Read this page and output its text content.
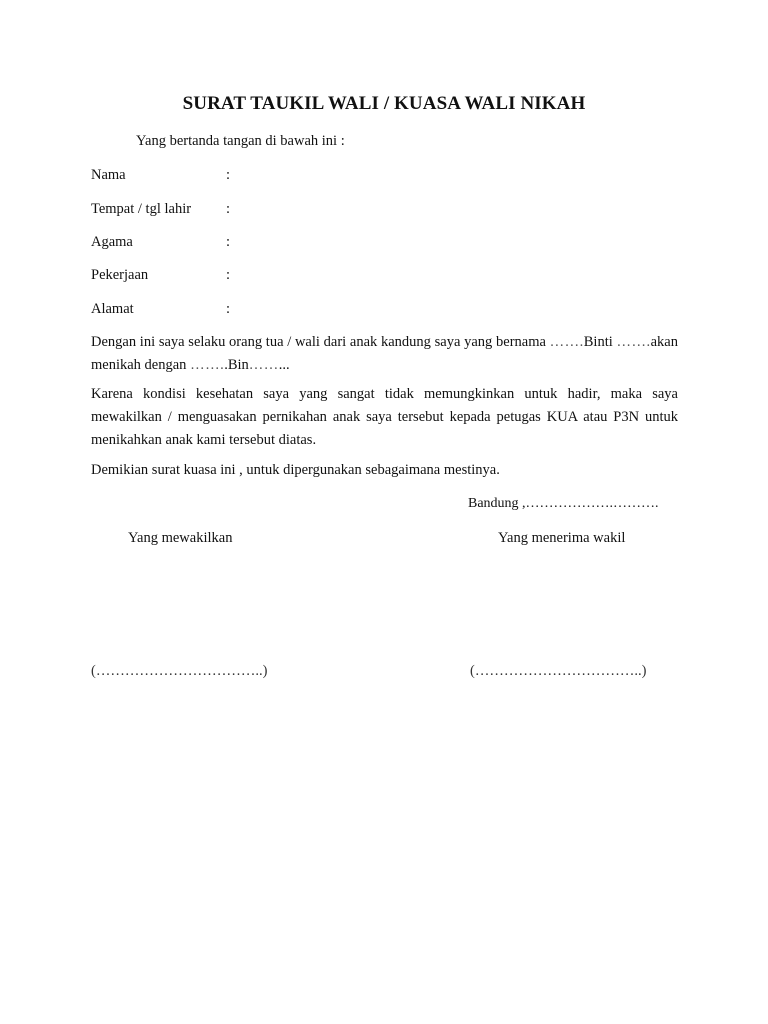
SURAT TAUKIL WALI / KUASA WALI NIKAH
Yang bertanda tangan di bawah ini :
Nama	:
Tempat / tgl lahir :
Agama	:
Pekerjaan	:
Alamat	:
Dengan ini saya selaku orang tua / wali dari anak kandung saya yang bernama …….Binti …….akan menikah dengan ……..Bin……...
Karena kondisi kesehatan saya yang sangat tidak memungkinkan untuk hadir, maka saya mewakilkan / menguasakan pernikahan anak saya tersebut kepada petugas KUA atau P3N untuk menikahkan anak kami tersebut diatas.
Demikian surat kuasa ini , untuk dipergunakan sebagaimana mestinya.
Bandung ,……………….……….
Yang mewakilkan	Yang menerima wakil
(……………………………..)	(……………………………..)
